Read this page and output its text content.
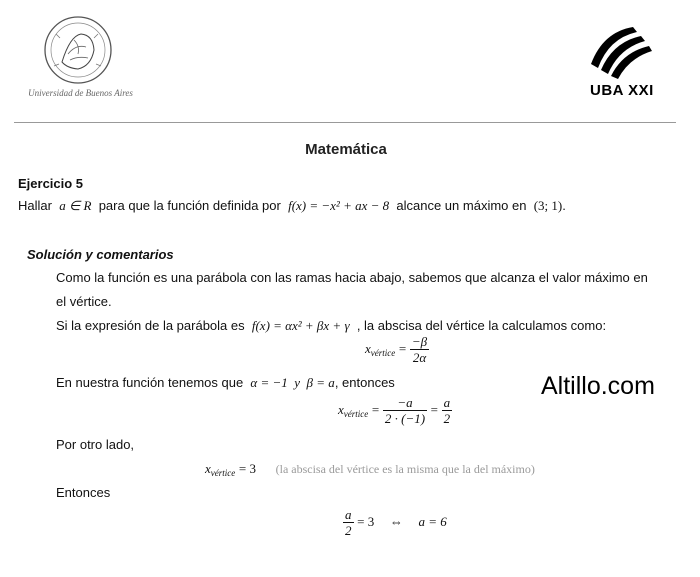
Universidad de Buenos Aires	UBA XXI
Matemática
Ejercicio 5
Hallar a ∈ R para que la función definida por f(x) = −x² + ax − 8 alcance un máximo en (3; 1).
Solución y comentarios
Como la función es una parábola con las ramas hacia abajo, sabemos que alcanza el valor máximo en
el vértice.
Si la expresión de la parábola es f(x) = αx² + βx + γ , la abscisa del vértice la calculamos como:
$x_{vértice} = \frac{-\beta}{2\alpha}$
En nuestra función tenemos que α = −1  y  β = a, entonces
$x_{vértice} = \frac{-a}{2 \cdot (-1)} = \frac{a}{2}$
Por otro lado,
$x_{vértice} = 3$ (la abscisa del vértice es la misma que la del máximo)
Entonces
$\frac{a}{2} = 3$ ⇔ a = 6
Altillo.com
